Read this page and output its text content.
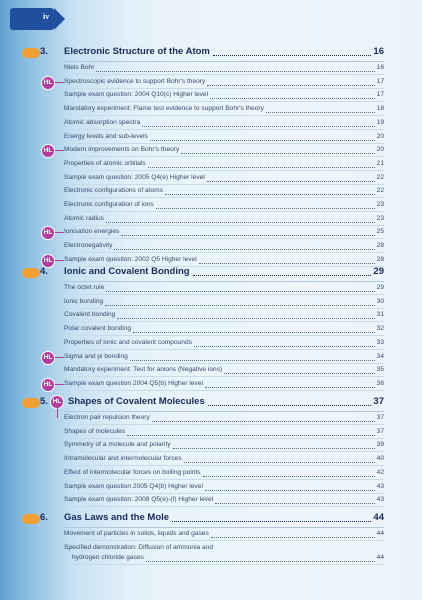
iv
3. Electronic Structure of the Atom	16
Niels Bohr	16
Spectroscopic evidence to support Bohr's theory	17
HL
Sample exam question: 2004 Q10(c) Higher level	17
Mandatory experiment: Flame test evidence to support Bohr's theory	18
Atomic absorption spectra	19
Energy levels and sub-levels	20
Modern improvements on Bohr's theory	20
HL
Properties of atomic orbitals	21
Sample exam question: 2005 Q4(e) Higher level	22
Electronic configurations of atoms	22
Electronic configuration of ions	23
Atomic radius	23
Ionisation energies	25
HL
Electronegativity	28
Sample exam question: 2002 Q5 Higher level	28
HL
4. Ionic and Covalent Bonding	29
The octet rule	29
Ionic bonding	30
Covalent bonding	31
Polar covalent bonding	32
Properties of ionic and covalent compounds	33
Sigma and pi bonding	34
HL
Mandatory experiment: Test for anions (Negative ions)	35
Sample exam question 2004 Q5(b) Higher level	36
HL
5. Shapes of Covalent Molecules	37
HL
Electron pair repulsion theory	37
Shapes of molecules	37
Symmetry of a molecule and polarity	39
Intramolecular and intermolecular forces	40
Effect of intermolecular forces on boiling points	42
Sample exam question 2005 Q4(b) Higher level	43
Sample exam question: 2008 Q5(e)-(f) Higher level	43
6. Gas Laws and the Mole	44
Movement of particles in solids, liquids and gases	44
Specified demonstration: Diffusion of ammonia and
hydrogen chloride gases	44
